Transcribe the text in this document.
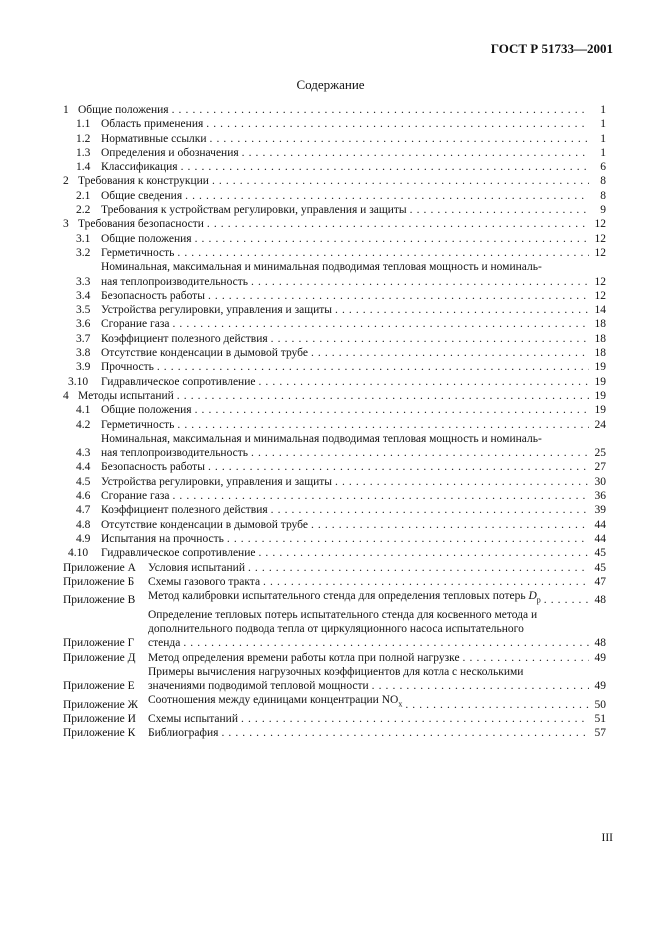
ГОСТ Р 51733—2001
Содержание
1 Общие положения . . .	1
1.1 Область применения . . .	1
1.2 Нормативные ссылки . . .	1
1.3 Определения и обозначения . . .	1
1.4 Классификация . . .	6
2 Требования к конструкции . . .	8
2.1 Общие сведения . . .	8
2.2 Требования к устройствам регулировки, управления и защиты . . .	9
3 Требования безопасности . . .	12
3.1 Общие положения . . .	12
3.2 Герметичность . . .	12
3.3
Номинальная, максимальная и минимальная подводимая тепловая мощность и номиналь-
ная теплопроизводительность . . .	12
3.4 Безопасность работы . . .	12
3.5 Устройства регулировки, управления и защиты . . .	14
3.6 Сгорание газа . . .	18
3.7 Коэффициент полезного действия . . .	18
3.8 Отсутствие конденсации в дымовой трубе . . .	18
3.9 Прочность . . .	19
3.10	Гидравлическое сопротивление . . .	19
4 Методы испытаний . . .	19
4.1 Общие положения . . .	19
4.2 Герметичность . . .	24
4.3
Номинальная, максимальная и минимальная подводимая тепловая мощность и номиналь-
ная теплопроизводительность . . .	25
4.4 Безопасность работы . . .	27
4.5 Устройства регулировки, управления и защиты . . .	30
4.6 Сгорание газа . . .	36
4.7 Коэффициент полезного действия . . .	39
4.8 Отсутствие конденсации в дымовой трубе . . .	44
4.9 Испытания на прочность . . .	44
4.10	Гидравлическое сопротивление . . .	45
Приложение А	Условия испытаний . . .	45
Приложение Б	Схемы газового тракта . . .	47
Приложение В	Метод калибровки испытательного стенда для определения тепловых потерь $D_p$ . . .	48
Приложение Г
Определение тепловых потерь испытательного стенда для косвенного метода и
дополнительного подвода тепла от циркуляционного насоса испытательного
стенда . . .	48
Приложение Д	Метод определения времени работы котла при полной нагрузке . . .	49
Приложение Е
Примеры вычисления нагрузочных коэффициентов для котла с несколькими
значениями подводимой тепловой мощности . . .	49
Приложение Ж Соотношения между единицами концентрации $NO_x$ . . .	50
Приложение И	Схемы испытаний . . .	51
Приложение К	Библиография . . .	57
III
